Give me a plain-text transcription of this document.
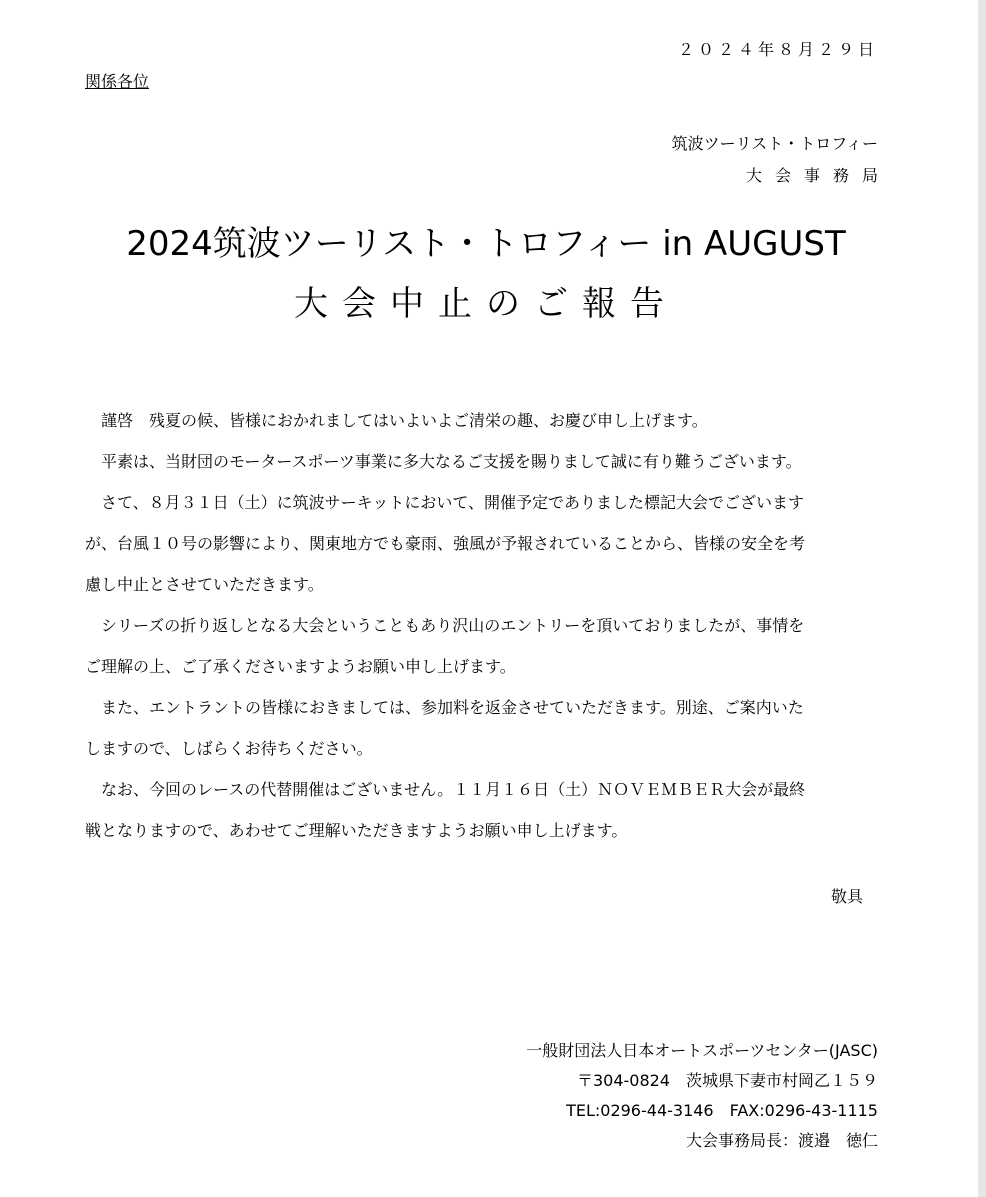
２０２４年８月２９日
関係各位
筑波ツーリスト・トロフィー
大会事務局
2024筑波ツーリスト・トロフィー in AUGUST
大会中止のご報告

謹啓　残夏の候、皆様におかれましてはいよいよご清栄の趣、お慶び申し上げます。

平素は、当財団のモータースポーツ事業に多大なるご支援を賜りまして誠に有り難うございます。

さて、８月３１日（土）に筑波サーキットにおいて、開催予定でありました標記大会でございます

が、台風１０号の影響により、関東地方でも豪雨、強風が予報されていることから、皆様の安全を考

慮し中止とさせていただきます。

シリーズの折り返しとなる大会ということもあり沢山のエントリーを頂いておりましたが、事情を

ご理解の上、ご了承くださいますようお願い申し上げます。

また、エントラントの皆様におきましては、参加料を返金させていただきます。別途、ご案内いた

しますので、しばらくお待ちください。

なお、今回のレースの代替開催はございません。１１月１６日（土）ＮＯＶＥＭＢＥＲ大会が最終

戦となりますので、あわせてご理解いただきますようお願い申し上げます。

敬具
一般財団法人日本オートスポーツセンター(JASC)
〒304-0824　茨城県下妻市村岡乙１５９
TEL:0296-44-3146　FAX:0296-43-1115
大会事務局長：渡邉　徳仁
